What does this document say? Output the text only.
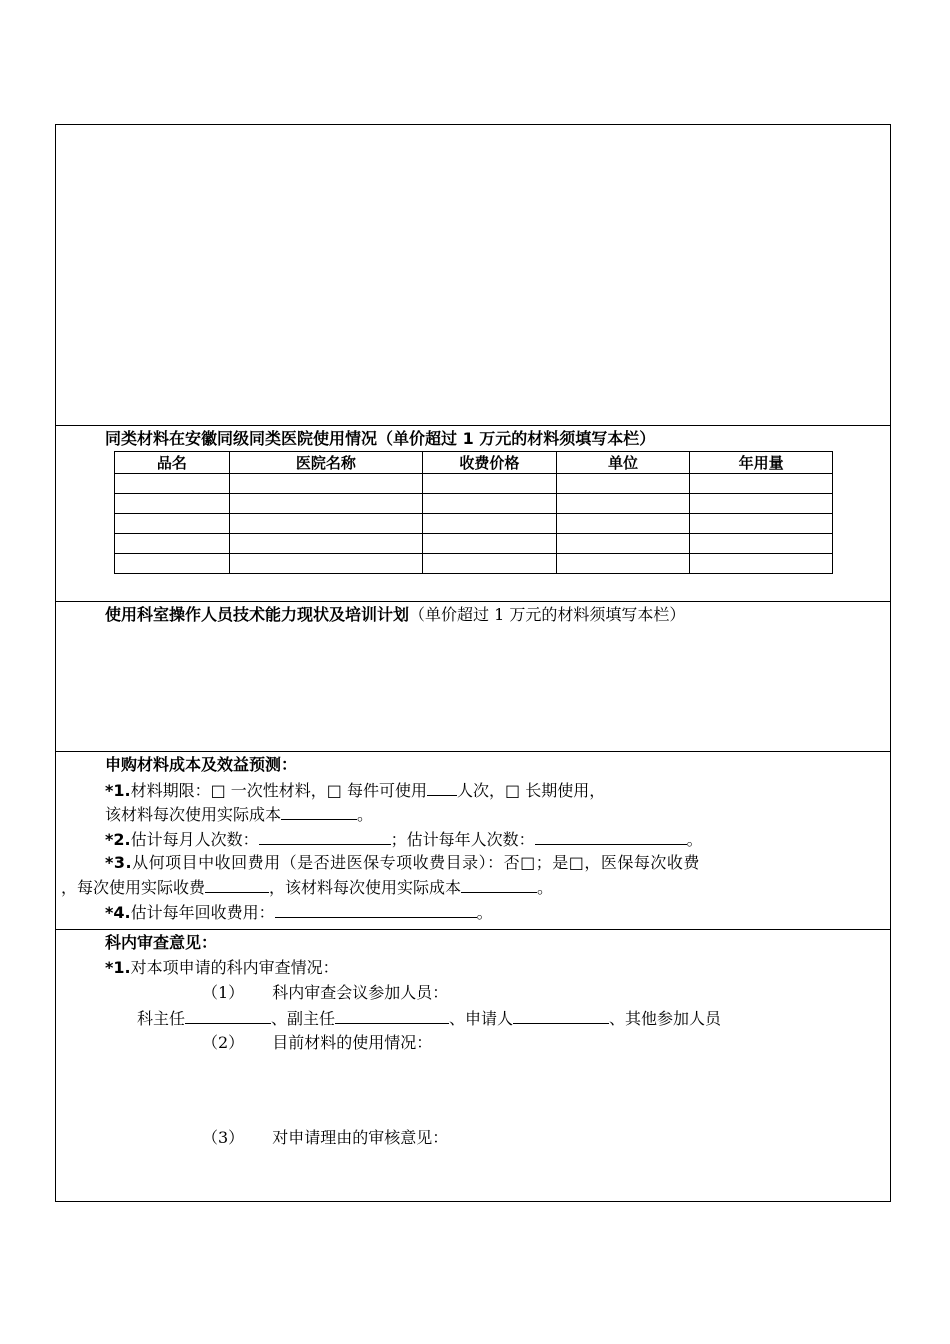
同类材料在安徽同级同类医院使用情况（单价超过 1 万元的材料须填写本栏）
品名	医院名称	收费价格	单位	年用量

使用科室操作人员技术能力现状及培训计划（单价超过 1 万元的材料须填写本栏）
申购材料成本及效益预测：
*1.材料期限：□ 一次性材料，□ 每件可使用 人次，□ 长期使用，
该材料每次使用实际成本	。
*2.估计每月人次数：	；估计每年人次数：	。
*3.从何项目中收回费用（是否进医保专项收费目录）：否□；是□，医保每次收费
，每次使用实际收费	，该材料每次使用实际成本	。
*4.估计每年回收费用：	。
科内审查意见：
*1.对本项申请的科内审查情况：
（1） 科内审查会议参加人员：
科主任	、副主任	、申请人	、其他参加人员
（2） 目前材料的使用情况：
（3） 对申请理由的审核意见：
